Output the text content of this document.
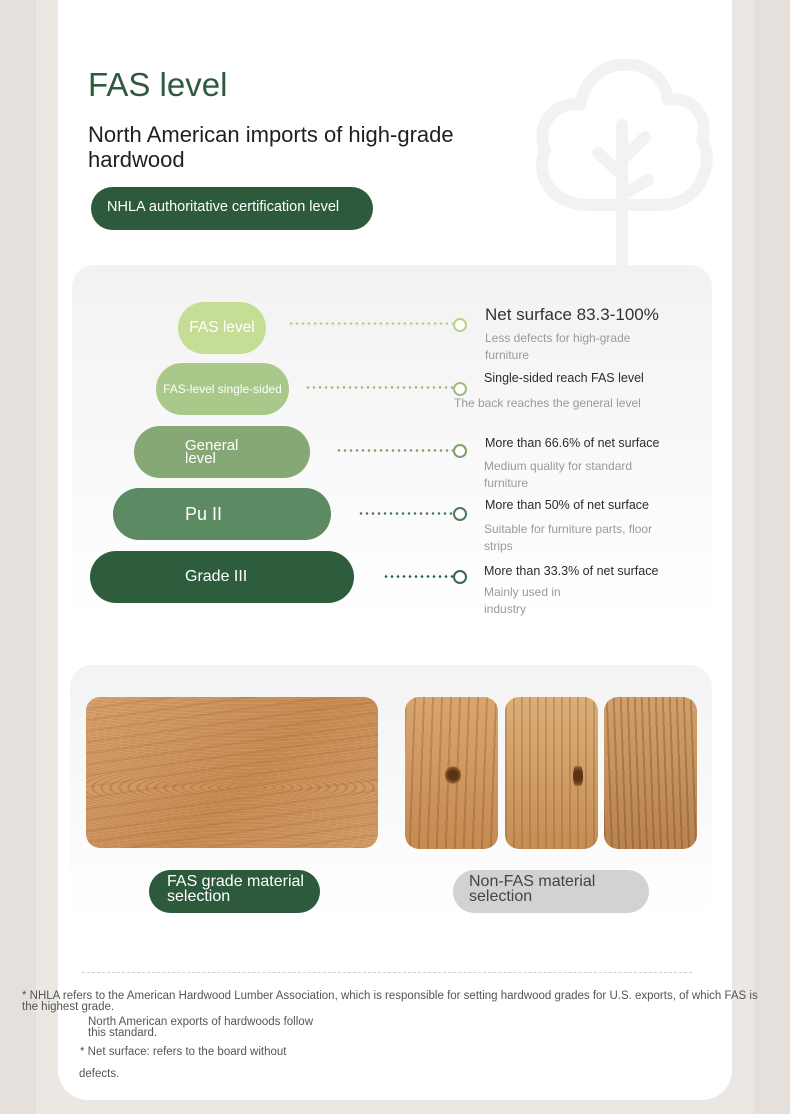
FAS level
North American imports of high-grade hardwood
NHLA authoritative certification level
FAS level
Net surface 83.3-100%
Less defects for high-grade furniture
FAS-level single-sided
Single-sided reach FAS level
The back reaches the general level
General level
More than 66.6% of net surface
Medium quality for standard furniture
Pu II	More than 50% of net surface
Suitable for furniture parts, floor strips
Grade III	More than 33.3% of net surface
Mainly used in industry
FAS grade material selection
Non-FAS material selection

* NHLA refers to the American Hardwood Lumber Association, which is responsible for setting hardwood grades for U.S. exports, of which FAS is the highest grade.

North American exports of hardwoods follow this standard.

* Net surface: refers to the board without

defects.
